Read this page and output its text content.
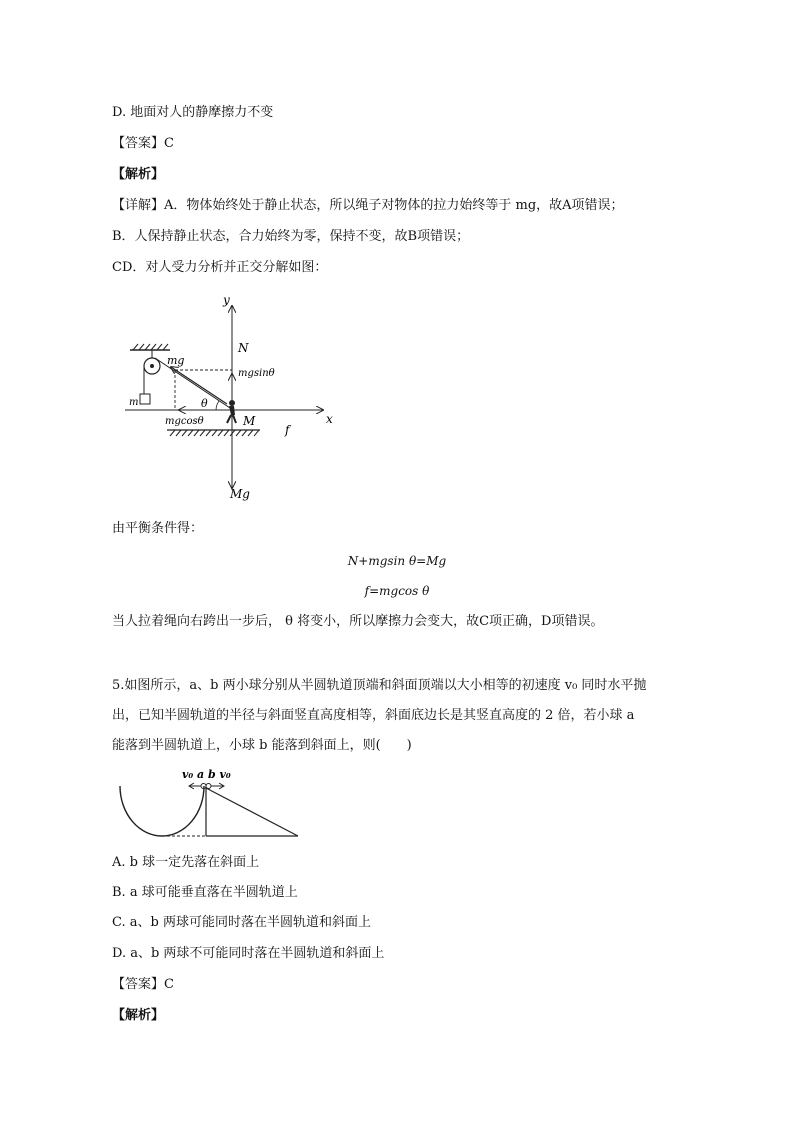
D. 地面对人的静摩擦力不变
【答案】C
【解析】
【详解】A．物体始终处于静止状态，所以绳子对物体的拉力始终等于 mg，故A项错误；
B．人保持静止状态，合力始终为零，保持不变，故B项错误；
CD．对人受力分析并正交分解如图：
m
mg
x
y
N
mgsinθ
θ
mgcosθ	M
f
Mg
由平衡条件得：
N+mgsin θ=Mg
f=mgcos θ
当人拉着绳向右跨出一步后， θ 将变小，所以摩擦力会变大，故C项正确，D项错误。
5.如图所示，a、b 两小球分别从半圆轨道顶端和斜面顶端以大小相等的初速度 v₀ 同时水平抛
出，已知半圆轨道的半径与斜面竖直高度相等，斜面底边长是其竖直高度的 2 倍，若小球 a
能落到半圆轨道上，小球 b 能落到斜面上，则(　　)
v₀ a b v₀
A. b 球一定先落在斜面上
B. a 球可能垂直落在半圆轨道上
C. a、b 两球可能同时落在半圆轨道和斜面上
D. a、b 两球不可能同时落在半圆轨道和斜面上
【答案】C
【解析】
